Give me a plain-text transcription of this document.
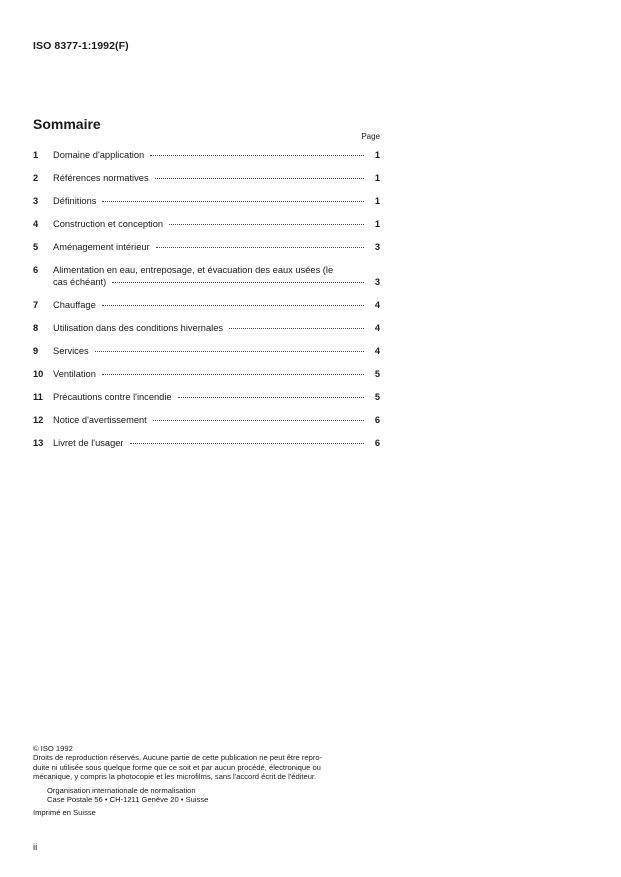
ISO 8377-1:1992(F)
Sommaire
Page
1	Domaine d'application	1
2	Références normatives	1
3	Définitions	1
4	Construction et conception	1
5	Aménagement intérieur	3
6	Alimentation en eau, entreposage, et évacuation des eaux usées (le
cas échéant)	3
7	Chauffage	4
8	Utilisation dans des conditions hivernales	4
9	Services	4
10	Ventilation	5
11	Précautions contre l'incendie	5
12	Notice d'avertissement	6
13	Livret de l'usager	6

© ISO 1992

Droits de reproduction réservés. Aucune partie de cette publication ne peut être repro-

duite ni utilisée sous quelque forme que ce soit et par aucun procédé, électronique ou

mécanique, y compris la photocopie et les microfilms, sans l'accord écrit de l'éditeur.

Organisation internationale de normalisation

Case Postale 56 • CH-1211 Genève 20 • Suisse

Imprimé en Suisse

ii
